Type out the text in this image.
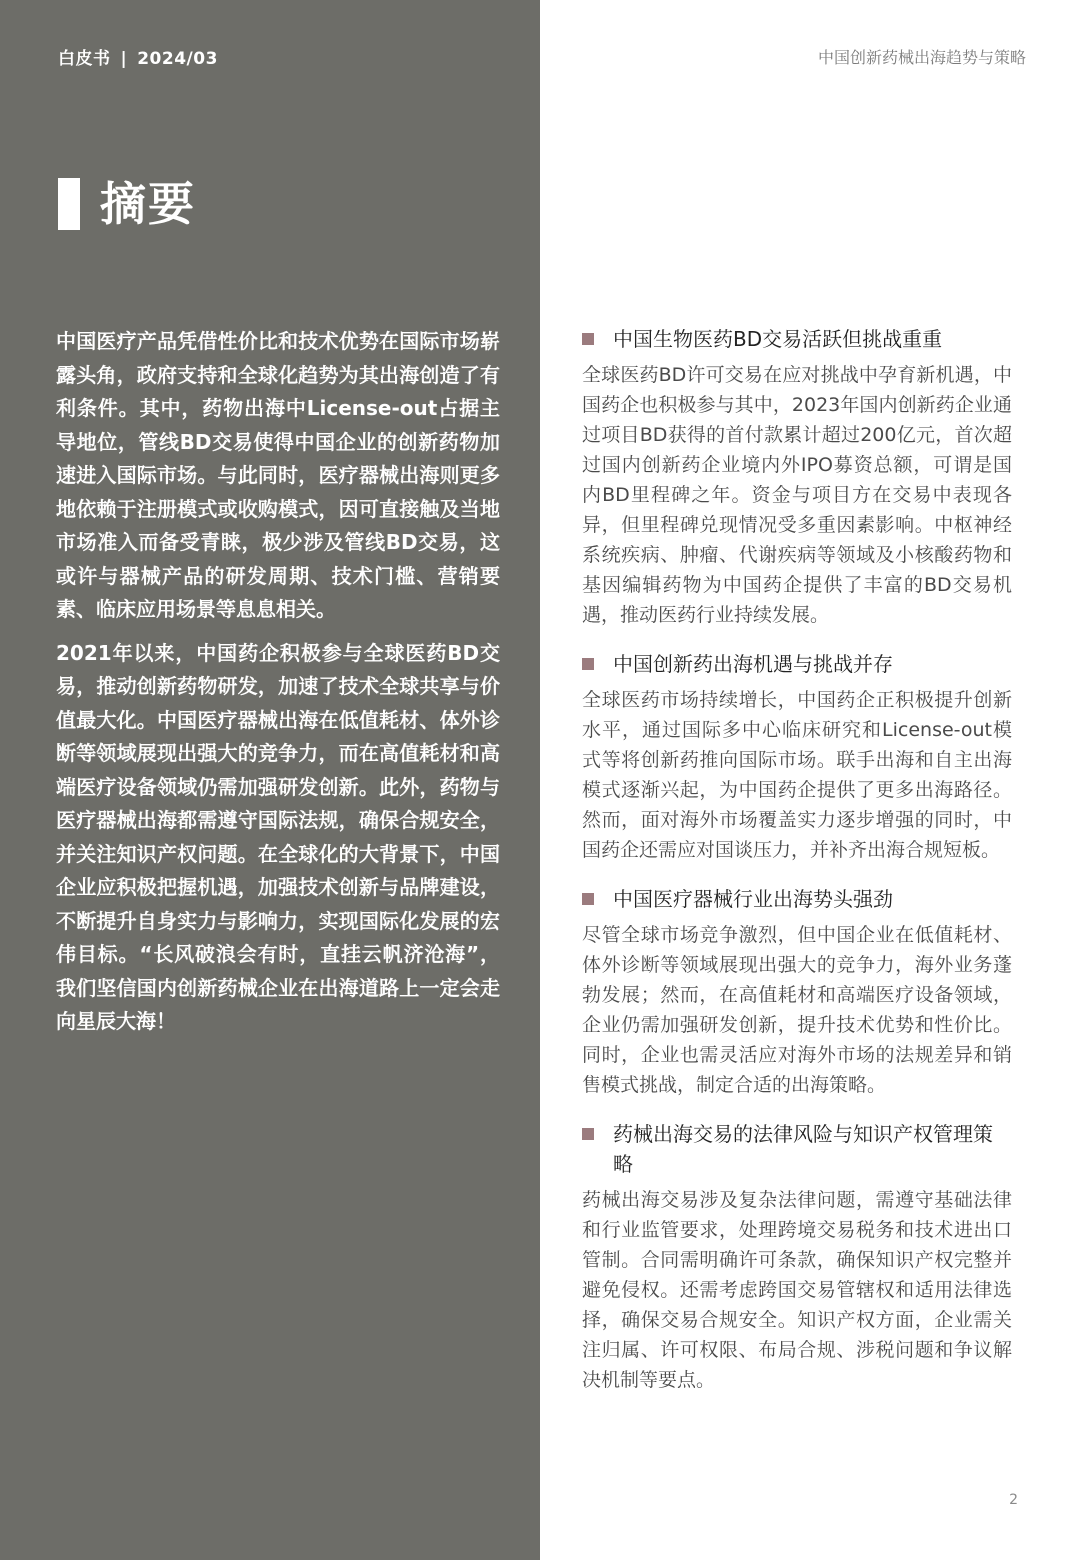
白皮书 | 2024/03
摘要

中国医疗产品凭借性价比和技术优势在国际市场崭露头角，政府支持和全球化趋势为其出海创造了有利条件。其中，药物出海中License-out占据主导地位，管线BD交易使得中国企业的创新药物加速进入国际市场。与此同时，医疗器械出海则更多地依赖于注册模式或收购模式，因可直接触及当地市场准入而备受青睐，极少涉及管线BD交易，这或许与器械产品的研发周期、技术门槛、营销要素、临床应用场景等息息相关。

2021年以来，中国药企积极参与全球医药BD交易，推动创新药物研发，加速了技术全球共享与价值最大化。中国医疗器械出海在低值耗材、体外诊断等领域展现出强大的竞争力，而在高值耗材和高端医疗设备领域仍需加强研发创新。此外，药物与医疗器械出海都需遵守国际法规，确保合规安全，并关注知识产权问题。在全球化的大背景下，中国企业应积极把握机遇，加强技术创新与品牌建设，不断提升自身实力与影响力，实现国际化发展的宏伟目标。“长风破浪会有时，直挂云帆济沧海”，我们坚信国内创新药械企业在出海道路上一定会走向星辰大海！

中国创新药械出海趋势与策略
中国生物医药BD交易活跃但挑战重重

全球医药BD许可交易在应对挑战中孕育新机遇，中国药企也积极参与其中，2023年国内创新药企业通过项目BD获得的首付款累计超过200亿元，首次超过国内创新药企业境内外IPO募资总额，可谓是国内BD里程碑之年。资金与项目方在交易中表现各异，但里程碑兑现情况受多重因素影响。中枢神经系统疾病、肿瘤、代谢疾病等领域及小核酸药物和基因编辑药物为中国药企提供了丰富的BD交易机遇，推动医药行业持续发展。

中国创新药出海机遇与挑战并存

全球医药市场持续增长，中国药企正积极提升创新水平，通过国际多中心临床研究和License-out模式等将创新药推向国际市场。联手出海和自主出海模式逐渐兴起，为中国药企提供了更多出海路径。然而，面对海外市场覆盖实力逐步增强的同时，中国药企还需应对国谈压力，并补齐出海合规短板。

中国医疗器械行业出海势头强劲

尽管全球市场竞争激烈，但中国企业在低值耗材、体外诊断等领域展现出强大的竞争力，海外业务蓬勃发展；然而，在高值耗材和高端医疗设备领域，企业仍需加强研发创新，提升技术优势和性价比。同时，企业也需灵活应对海外市场的法规差异和销售模式挑战，制定合适的出海策略。

药械出海交易的法律风险与知识产权管理策略

药械出海交易涉及复杂法律问题，需遵守基础法律和行业监管要求，处理跨境交易税务和技术进出口管制。合同需明确许可条款，确保知识产权完整并避免侵权。还需考虑跨国交易管辖权和适用法律选择，确保交易合规安全。知识产权方面，企业需关注归属、许可权限、布局合规、涉税问题和争议解决机制等要点。

2
